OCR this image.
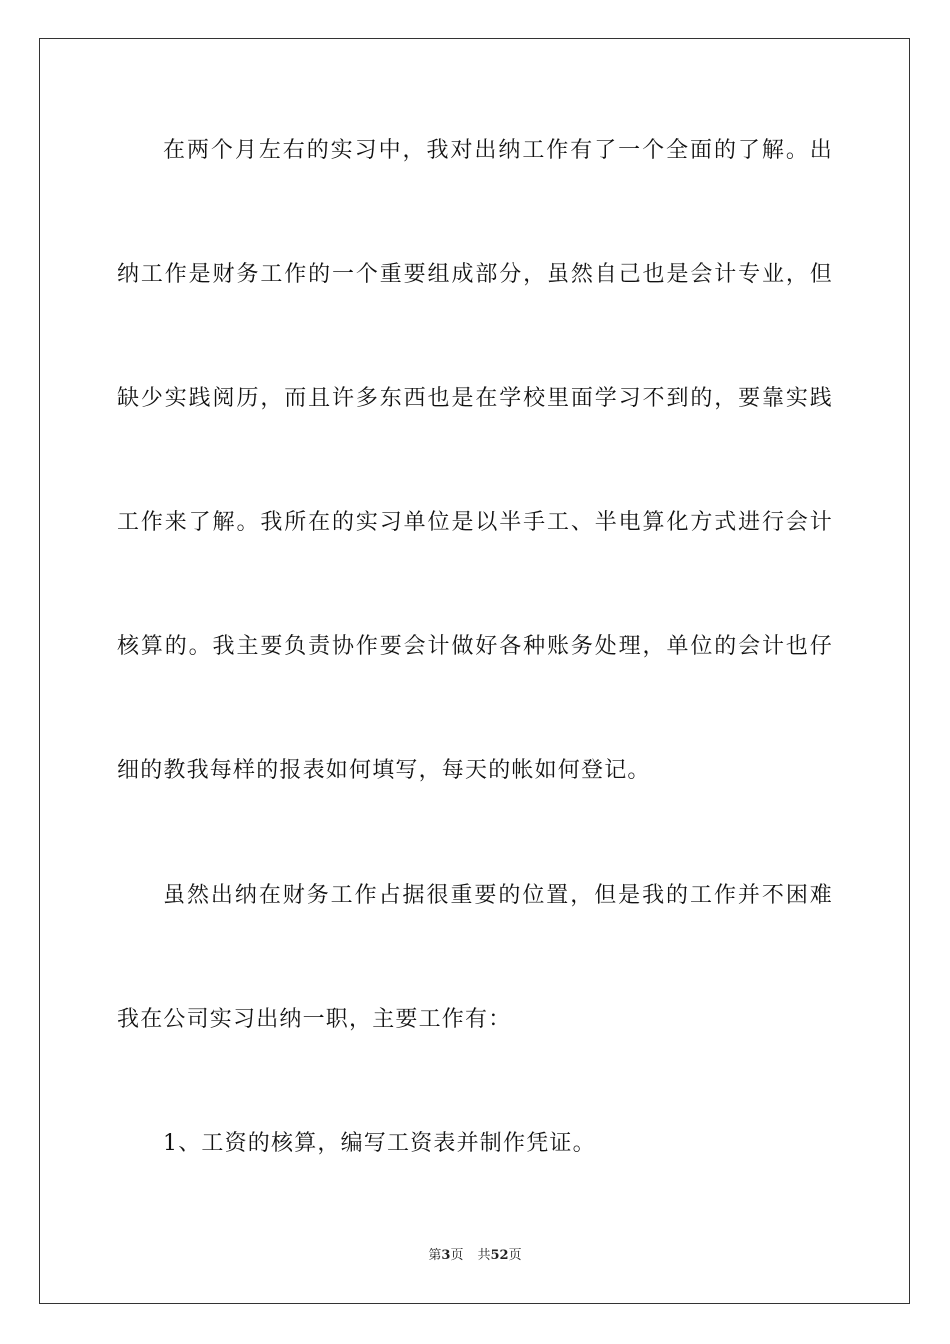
在两个月左右的实习中，我对出纳工作有了一个全面的了解。出
纳工作是财务工作的一个重要组成部分，虽然自己也是会计专业，但
缺少实践阅历，而且许多东西也是在学校里面学习不到的，要靠实践
工作来了解。我所在的实习单位是以半手工、半电算化方式进行会计
核算的。我主要负责协作要会计做好各种账务处理，单位的会计也仔
细的教我每样的报表如何填写，每天的帐如何登记。
虽然出纳在财务工作占据很重要的位置，但是我的工作并不困难
我在公司实习出纳一职，主要工作有：
1、工资的核算，编写工资表并制作凭证。
第3页 共52页
